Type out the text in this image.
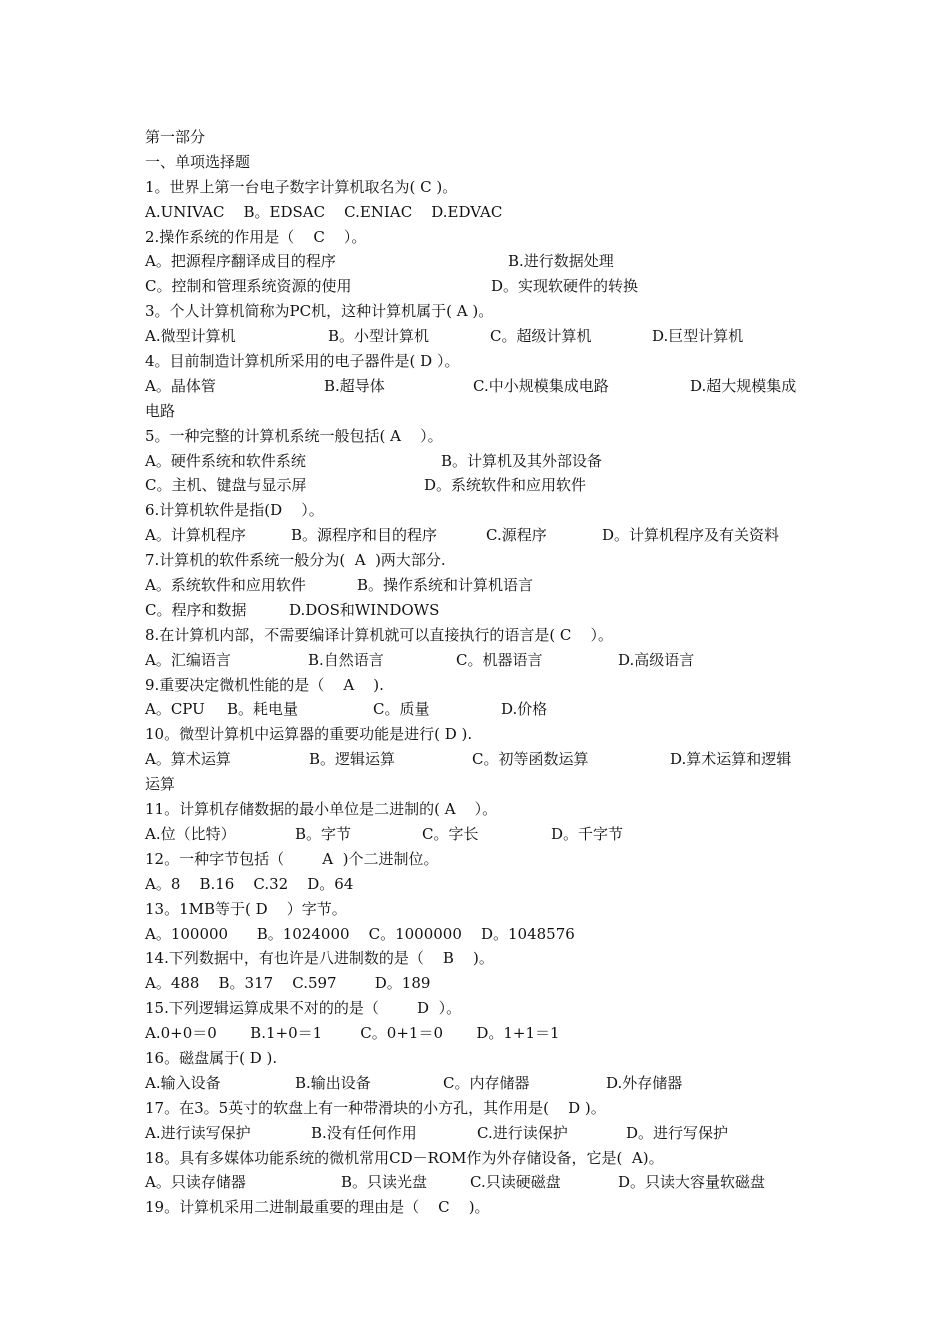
第一部分
一、单项选择题
1。世界上第一台电子数字计算机取名为( C )。
A.UNIVAC    B。EDSAC    C.ENIAC    D.EDVAC
2.操作系统的作用是（    C    ）。

A。把源程序翻译成目的程序

	B.进行数据处理

C。控制和管理系统资源的使用

	D。实现软硬件的转换

3。个人计算机简称为PC机，这种计算机属于( A )。

A.微型计算机

	B。小型计算机

	C。超级计算机

	D.巨型计算机

4。目前制造计算机所采用的电子器件是( D ）。

A。晶体管

	B.超导体

	C.中小规模集成电路

	D.超大规模集成

电路
5。一种完整的计算机系统一般包括( A    ）。

A。硬件系统和软件系统

	B。计算机及其外部设备

C。主机、键盘与显示屏

	D。系统软件和应用软件

6.计算机软件是指(D    ）。

A。计算机程序

	B。源程序和目的程序

	C.源程序

	D。计算机程序及有关资料

7.计算机的软件系统一般分为(  A  )两大部分.

A。系统软件和应用软件

	B。操作系统和计算机语言

C。程序和数据

	D.DOS和WINDOWS

8.在计算机内部，不需要编译计算机就可以直接执行的语言是( C    ）。

A。汇编语言

	B.自然语言

	C。机器语言

	D.高级语言

9.重要决定微机性能的是（    A    ).

A。CPU

B。耗电量

	C。质量

	D.价格

10。微型计算机中运算器的重要功能是进行( D ).

A。算术运算

	B。逻辑运算

	C。初等函数运算

	D.算术运算和逻辑

运算
11。计算机存储数据的最小单位是二进制的( A    ）。

A.位（比特）

	B。字节

	C。字长

	D。千字节

12。一种字节包括（        A  )个二进制位。
A。8    B.16    C.32    D。64
13。1MB等于( D    ）字节。
A。100000      B。1024000    C。1000000    D。1048576
14.下列数据中，有也许是八进制数的是（    B    )。
A。488    B。317    C.597        D。189
15.下列逻辑运算成果不对的的是（        D  ）。
A.0+0＝0       B.1+0＝1        C。0+1＝0       D。1+1＝1
16。磁盘属于( D ).

A.输入设备

	B.输出设备

	C。内存储器

	D.外存储器

17。在3。5英寸的软盘上有一种带滑块的小方孔，其作用是(    D )。

A.进行读写保护

	B.没有任何作用

	C.进行读保护

	D。进行写保护

18。具有多媒体功能系统的微机常用CD－ROM作为外存储设备，它是(  A)。

A。只读存储器

	B。只读光盘

	C.只读硬磁盘

	D。只读大容量软磁盘

19。计算机采用二进制最重要的理由是（    C    )。
